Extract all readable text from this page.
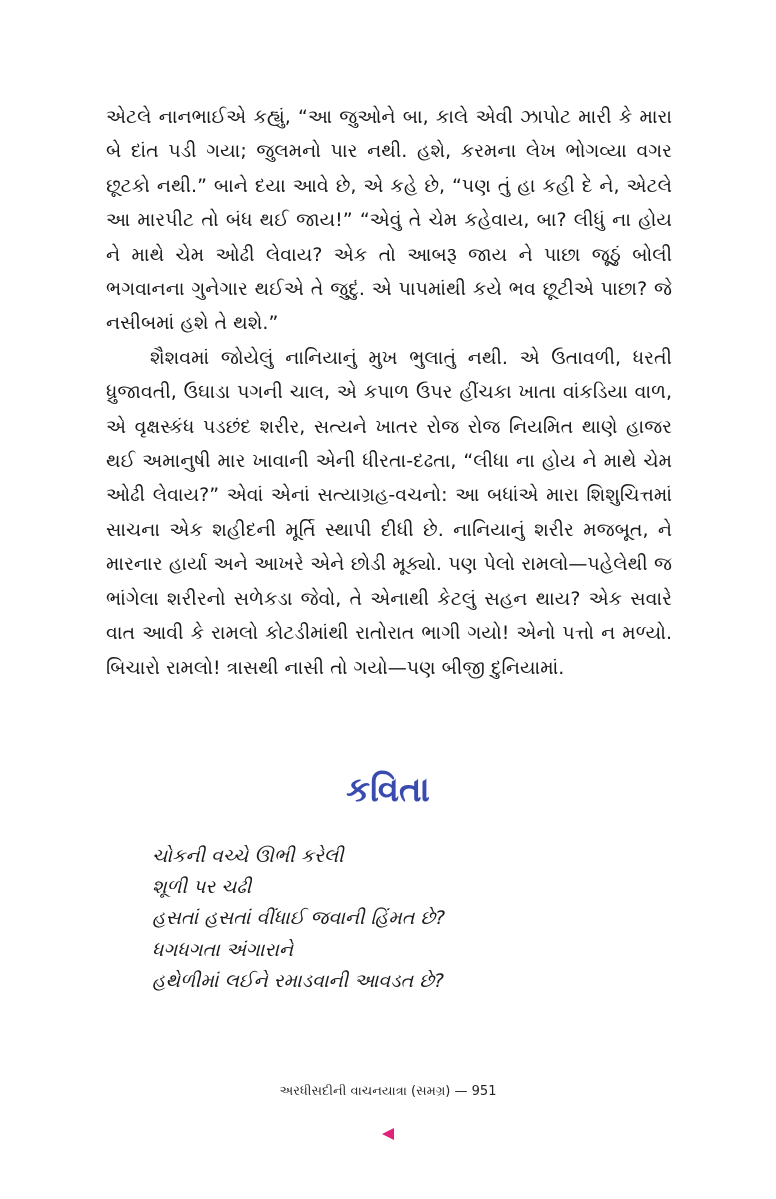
એટલે નાનભાઈએ કહ્યું, “આ જુઓને બા, કાલે એવી ઝાપોટ મારી કે મારા બે દાંત પડી ગયા; જુલમનો પાર નથી. હશે, કરમના લેખ ભોગવ્યા વગર છૂટકો નથી.” બાને દયા આવે છે, એ કહે છે, “પણ તું હા કહી દે ને, એટલે આ મારપીટ તો બંધ થઈ જાય!” “એવું તે ચેમ કહેવાય, બા? લીધું ના હોય ને માથે ચેમ ઓઢી લેવાય? એક તો આબરૂ જાય ને પાછા જૂઠું બોલી ભગવાનના ગુનેગાર થઈએ તે જુદું. એ પાપમાંથી કયે ભવ છૂટીએ પાછા? જે નસીબમાં હશે તે થશે.”

શૈશવમાં જોયેલું નાનિયાનું મુખ ભુલાતું નથી. એ ઉતાવળી, ધરતી ધ્રુજાવતી, ઉઘાડા પગની ચાલ, એ કપાળ ઉપર હીંચકા ખાતા વાંકડિયા વાળ, એ વૃક્ષસ્કંધ પડછંદ શરીર, સત્યને ખાતર રોજ રોજ નિયમિત થાણે હાજર થઈ અમાનુષી માર ખાવાની એની ધીરતા-દઢતા, “લીધા ના હોય ને માથે ચેમ ઓઢી લેવાય?” એવાં એનાં સત્યાગ્રહ-વચનો: આ બધાંએ મારા શિશુચિત્તમાં સાચના એક શહીદની મૂર્તિ સ્થાપી દીધી છે. નાનિયાનું શરીર મજબૂત, ને મારનાર હાર્યા અને આખરે એને છોડી મૂક્યો. પણ પેલો રામલો—પહેલેથી જ ભાંગેલા શરીરનો સળેકડા જેવો, તે એનાથી કેટલું સહન થાય? એક સવારે વાત આવી કે રામલો કોટડીમાંથી રાતોરાત ભાગી ગયો! એનો પત્તો ન મળ્યો. બિચારો રામલો! ત્રાસથી નાસી તો ગયો—પણ બીજી દુનિયામાં.

કવિતા
ચોકની વચ્ચે ઊભી કરેલી
શૂળી પર ચઢી
હસતાં હસતાં વીંધાઈ જવાની હિંમત છે?
ધગધગતા અંગારાને
હથેળીમાં લઈને રમાડવાની આવડત છે?

અરધીસદીની વાચનયાત્રા (સમગ્ર) — 951
